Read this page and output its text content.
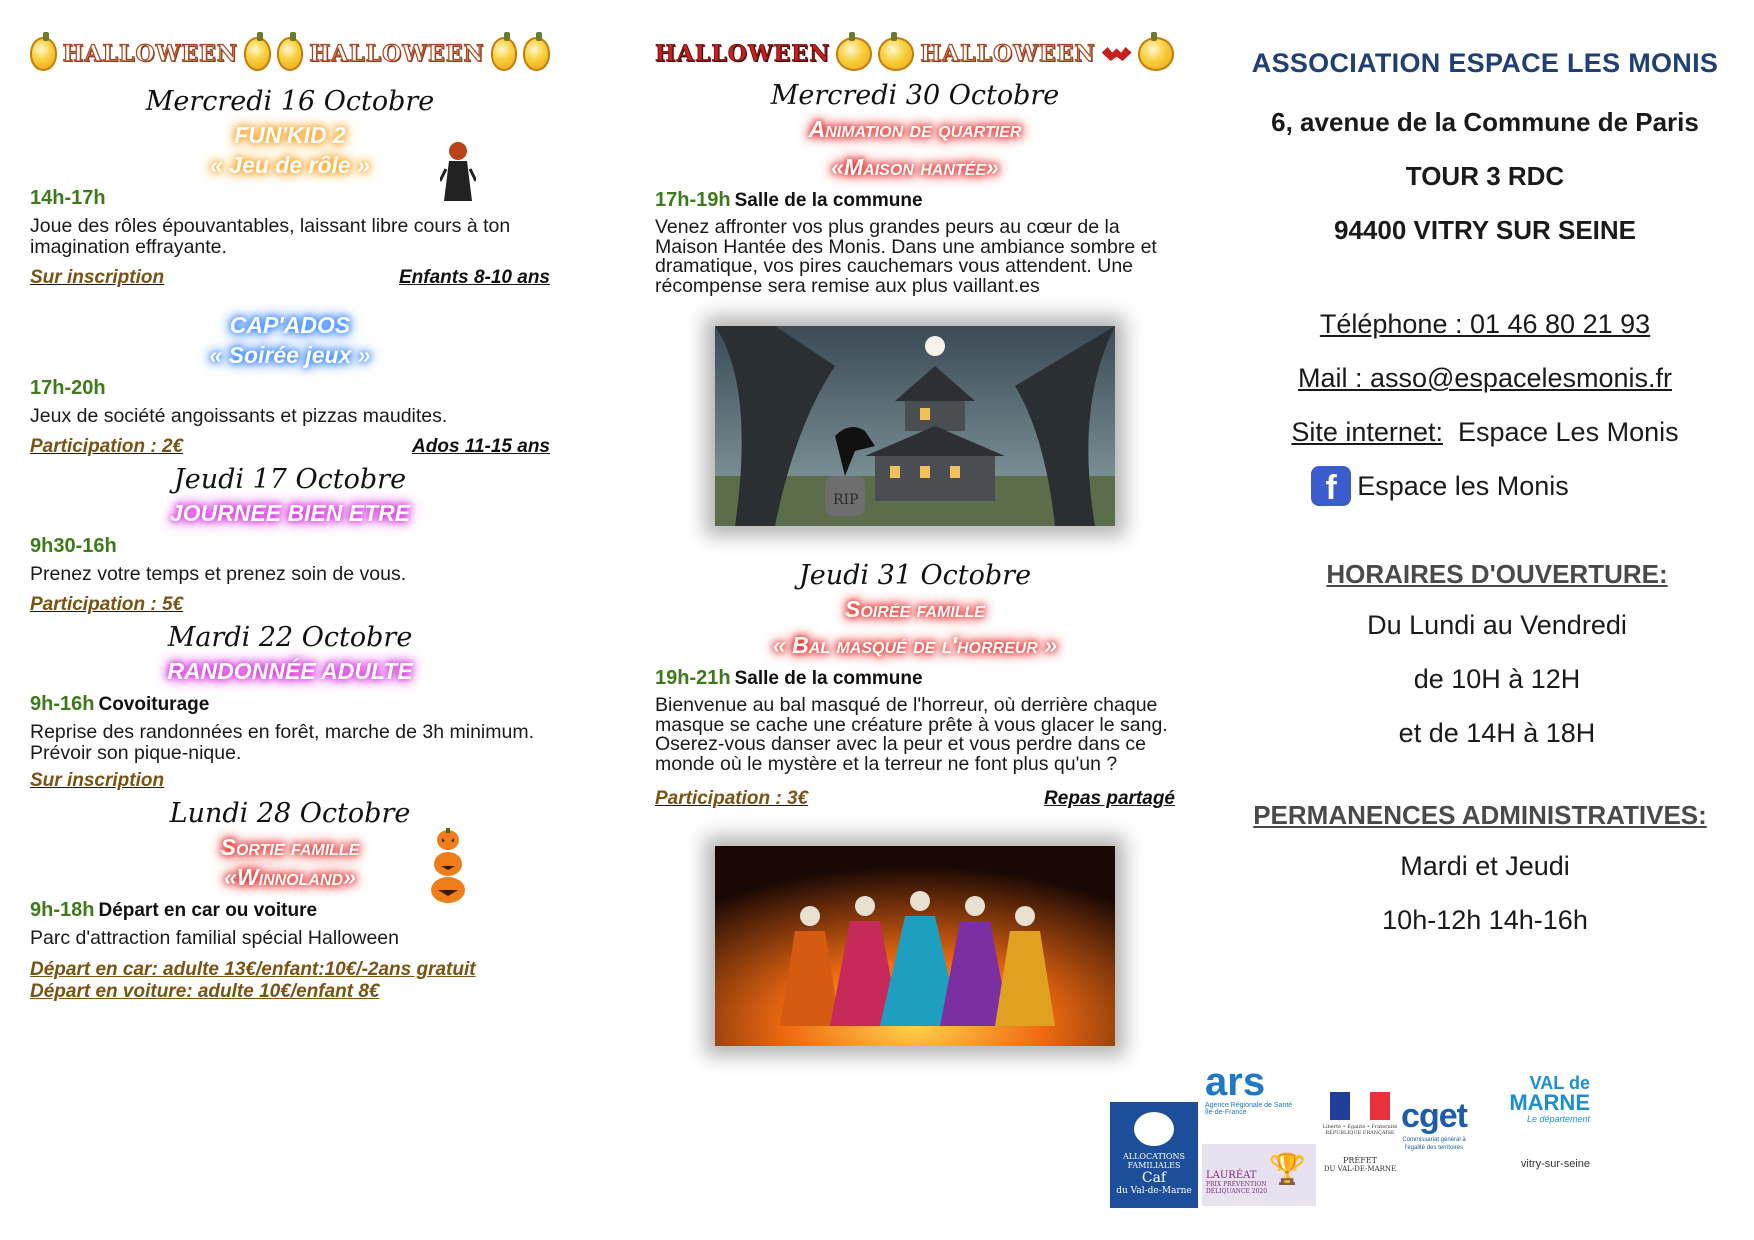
HALLOWEEN	HALLOWEEN
Mercredi 16 Octobre
FUN'KID 2
« Jeu de rôle »
14h-17h
Joue des rôles épouvantables, laissant libre cours à ton imagination effrayante.
Sur inscription	Enfants 8-10 ans
CAP'ADOS
« Soirée jeux »
17h-20h
Jeux de société angoissants et pizzas maudites.
Participation : 2€	Ados 11-15 ans
Jeudi 17 Octobre
JOURNEE BIEN ETRE
9h30-16h
Prenez votre temps et prenez soin de vous.
Participation : 5€
Mardi 22 Octobre
RANDONNÉE ADULTE
9h-16h Covoiturage
Reprise des randonnées en forêt, marche de 3h minimum. Prévoir son pique-nique.
Sur inscription
Lundi 28 Octobre
Sortie famille
«Winnoland»
9h-18h Départ en car ou voiture
Parc d'attraction familial spécial Halloween
Départ en car: adulte 13€/enfant:10€/-2ans gratuit
Départ en voiture: adulte 10€/enfant 8€
HALLOWEEN	HALLOWEEN
Mercredi 30 Octobre
Animation de quartier
«Maison hantée»
17h-19h Salle de la commune
Venez affronter vos plus grandes peurs au cœur de la Maison Hantée des Monis. Dans une ambiance sombre et dramatique, vos pires cauchemars vous attendent. Une récompense sera remise aux plus vaillant.es
RIP
Jeudi 31 Octobre
Soirée famille
« Bal masqué de l'horreur »
19h-21h Salle de la commune
Bienvenue au bal masqué de l'horreur, où derrière chaque masque se cache une créature prête à vous glacer le sang. Oserez-vous danser avec la peur et vous perdre dans ce monde où le mystère et la terreur ne font plus qu'un ?
Participation : 3€	Repas partagé
ASSOCIATION ESPACE LES MONIS
6, avenue de la Commune de Paris
TOUR 3 RDC
94400 VITRY SUR SEINE
Téléphone : 01 46 80 21 93
Mail : asso@espacelesmonis.fr
Site internet: Espace Les Monis
f Espace les Monis
HORAIRES D'OUVERTURE:
Du Lundi au Vendredi
de 10H à 12H
et de 14H à 18H
PERMANENCES ADMINISTRATIVES:
Mardi et Jeudi
10h-12h 14h-16h
ALLOCATIONS FAMILIALES
Caf
du Val-de-Marne
ars
Agence Régionale de Santé
Île-de-France
LAURÉAT
PRIX PRÉVENTION
DÉLIQUANCE 2020
🏆
Liberté • Égalité • Fraternité
RÉPUBLIQUE FRANÇAISE
PRÉFET
DU VAL-DE-MARNE
cget
Commissariat général à l'égalité des territoires
VAL de
MARNE
Le département
vitry-sur-seine
